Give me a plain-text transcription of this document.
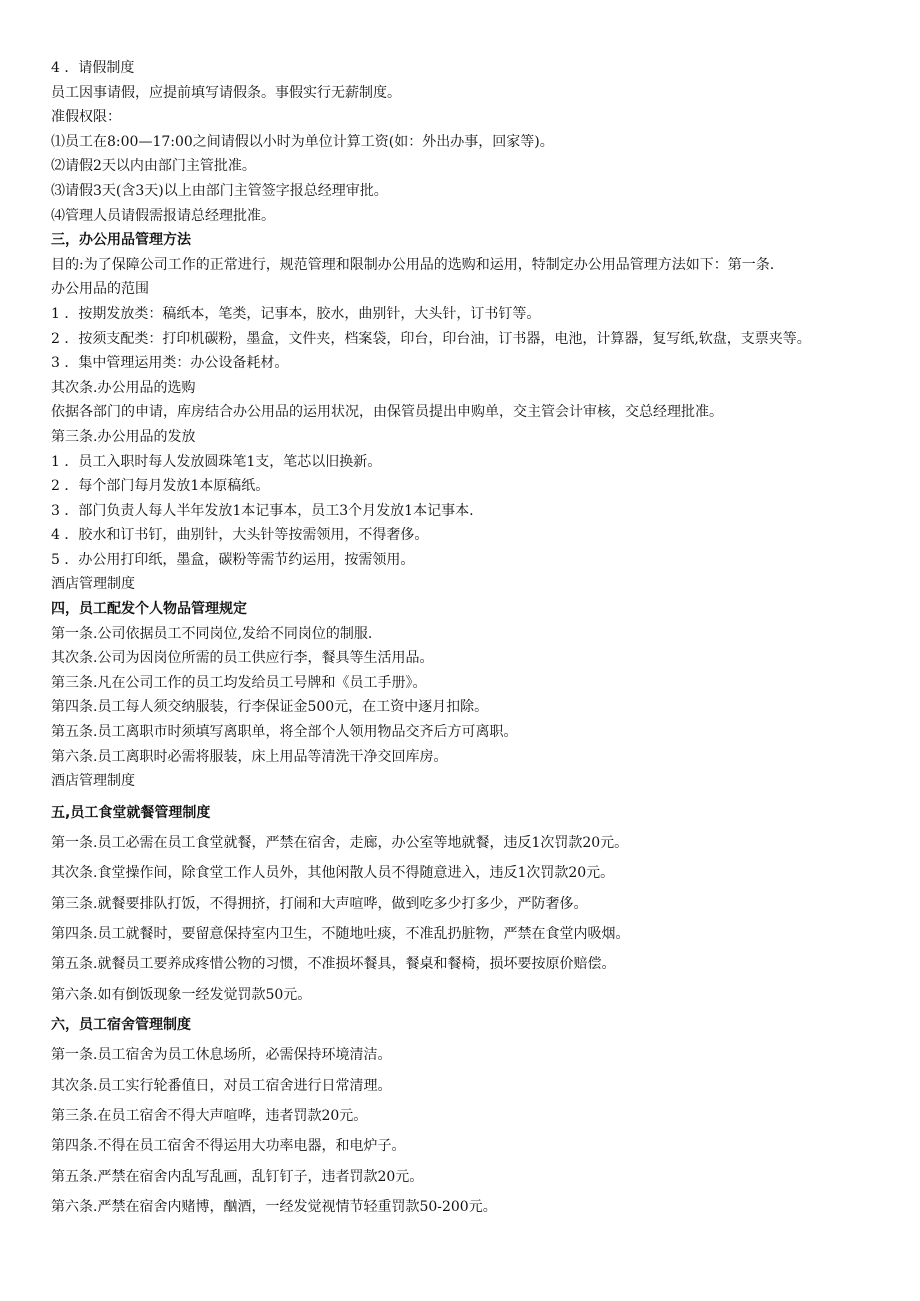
4 ．请假制度
员工因事请假，应提前填写请假条。事假实行无薪制度。
准假权限：
⑴员工在8:00—17:00之间请假以小时为单位计算工资(如：外出办事，回家等)。
⑵请假2天以内由部门主管批准。
⑶请假3天(含3天)以上由部门主管签字报总经理审批。
⑷管理人员请假需报请总经理批准。
三，办公用品管理方法
目的:为了保障公司工作的正常进行，规范管理和限制办公用品的选购和运用，特制定办公用品管理方法如下：第一条.
办公用品的范围
1 ．按期发放类：稿纸本，笔类，记事本，胶水，曲别针，大头针，订书钉等。
2 ．按须支配类：打印机碳粉，墨盒，文件夹，档案袋，印台，印台油，订书器，电池，计算器，复写纸,软盘，支票夹等。
3 ．集中管理运用类：办公设备耗材。
其次条.办公用品的选购
依据各部门的申请，库房结合办公用品的运用状况，由保管员提出申购单，交主管会计审核，交总经理批准。
第三条.办公用品的发放
1 ．员工入职时每人发放圆珠笔1支，笔芯以旧换新。
2 ．每个部门每月发放1本原稿纸。
3 ．部门负责人每人半年发放1本记事本，员工3个月发放1本记事本.
4 ．胶水和订书钉，曲别针，大头针等按需领用，不得奢侈。
5 ．办公用打印纸，墨盒，碳粉等需节约运用，按需领用。
酒店管理制度
四，员工配发个人物品管理规定
第一条.公司依据员工不同岗位,发给不同岗位的制服.
其次条.公司为因岗位所需的员工供应行李，餐具等生活用品。
第三条.凡在公司工作的员工均发给员工号牌和《员工手册》。
第四条.员工每人须交纳服装，行李保证金500元，在工资中逐月扣除。
第五条.员工离职市时须填写离职单，将全部个人领用物品交齐后方可离职。
第六条.员工离职时必需将服装，床上用品等清洗干净交回库房。
酒店管理制度
五,员工食堂就餐管理制度
第一条.员工必需在员工食堂就餐，严禁在宿舍，走廊，办公室等地就餐，违反1次罚款20元。
其次条.食堂操作间，除食堂工作人员外，其他闲散人员不得随意进入，违反1次罚款20元。
第三条.就餐要排队打饭，不得拥挤，打闹和大声喧哗，做到吃多少打多少，严防奢侈。
第四条.员工就餐时，要留意保持室内卫生，不随地吐痰，不准乱扔脏物，严禁在食堂内吸烟。
第五条.就餐员工要养成疼惜公物的习惯，不准损坏餐具，餐桌和餐椅，损坏要按原价赔偿。
第六条.如有倒饭现象一经发觉罚款50元。
六，员工宿舍管理制度
第一条.员工宿舍为员工休息场所，必需保持环境清洁。
其次条.员工实行轮番值日，对员工宿舍进行日常清理。
第三条.在员工宿舍不得大声喧哗，违者罚款20元。
第四条.不得在员工宿舍不得运用大功率电器，和电炉子。
第五条.严禁在宿舍内乱写乱画，乱钉钉子，违者罚款20元。
第六条.严禁在宿舍内赌博，酗酒，一经发觉视情节轻重罚款50-200元。
